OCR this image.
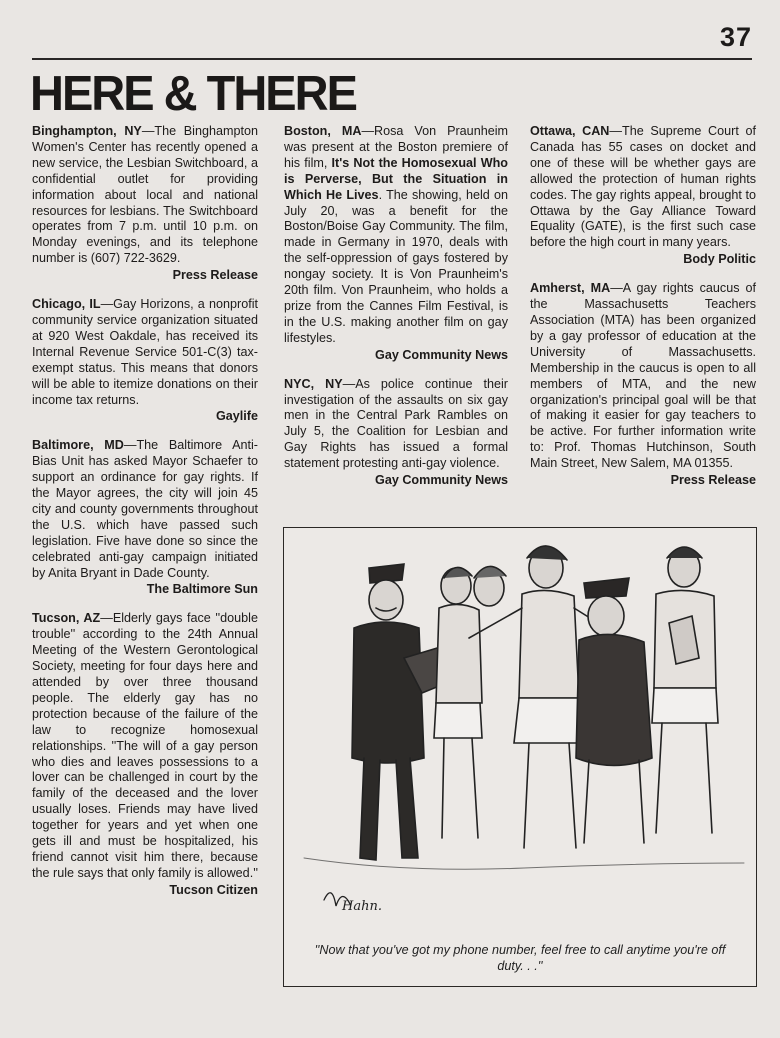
37
HERE & THERE

Binghampton, NY—The Binghampton Women's Center has recently opened a new service, the Lesbian Switchboard, a confidential outlet for providing information about local and national resources for lesbians. The Switchboard operates from 7 p.m. until 10 p.m. on Monday evenings, and its telephone number is (607) 722-3629.

Press Release

Chicago, IL—Gay Horizons, a nonprofit community service organization situated at 920 West Oakdale, has received its Internal Revenue Service 501-C(3) tax-exempt status. This means that donors will be able to itemize donations on their income tax returns.

Gaylife

Baltimore, MD—The Baltimore Anti-Bias Unit has asked Mayor Schaefer to support an ordinance for gay rights. If the Mayor agrees, the city will join 45 city and county governments throughout the U.S. which have passed such legislation. Five have done so since the celebrated anti-gay campaign initiated by Anita Bryant in Dade County.

The Baltimore Sun

Tucson, AZ—Elderly gays face ''double trouble'' according to the 24th Annual Meeting of the Western Gerontological Society, meeting for four days here and attended by over three thousand people. The elderly gay has no protection because of the failure of the law to recognize homosexual relationships. ''The will of a gay person who dies and leaves possessions to a lover can be challenged in court by the family of the deceased and the lover usually loses. Friends may have lived together for years and yet when one gets ill and must be hospitalized, his friend cannot visit him there, because the rule says that only family is allowed.''

Tucson Citizen

Boston, MA—Rosa Von Praunheim was present at the Boston premiere of his film, It's Not the Homosexual Who is Perverse, But the Situation in Which He Lives. The showing, held on July 20, was a benefit for the Boston/Boise Gay Community. The film, made in Germany in 1970, deals with the self-oppression of gays fostered by nongay society. It is Von Praunheim's 20th film. Von Praunheim, who holds a prize from the Cannes Film Festival, is in the U.S. making another film on gay lifestyles.

Gay Community News

NYC, NY—As police continue their investigation of the assaults on six gay men in the Central Park Rambles on July 5, the Coalition for Lesbian and Gay Rights has issued a formal statement protesting anti-gay violence.

Gay Community News

Ottawa, CAN—The Supreme Court of Canada has 55 cases on docket and one of these will be whether gays are allowed the protection of human rights codes. The gay rights appeal, brought to Ottawa by the Gay Alliance Toward Equality (GATE), is the first such case before the high court in many years.

Body Politic

Amherst, MA—A gay rights caucus of the Massachusetts Teachers Association (MTA) has been organized by a gay professor of education at the University of Massachusetts. Membership in the caucus is open to all members of MTA, and the new organization's principal goal will be that of making it easier for gay teachers to be active. For further information write to: Prof. Thomas Hutchinson, South Main Street, New Salem, MA 01355.

Press Release
Hahn.
''Now that you've got my phone number, feel free to call anytime you're off duty. . .''
